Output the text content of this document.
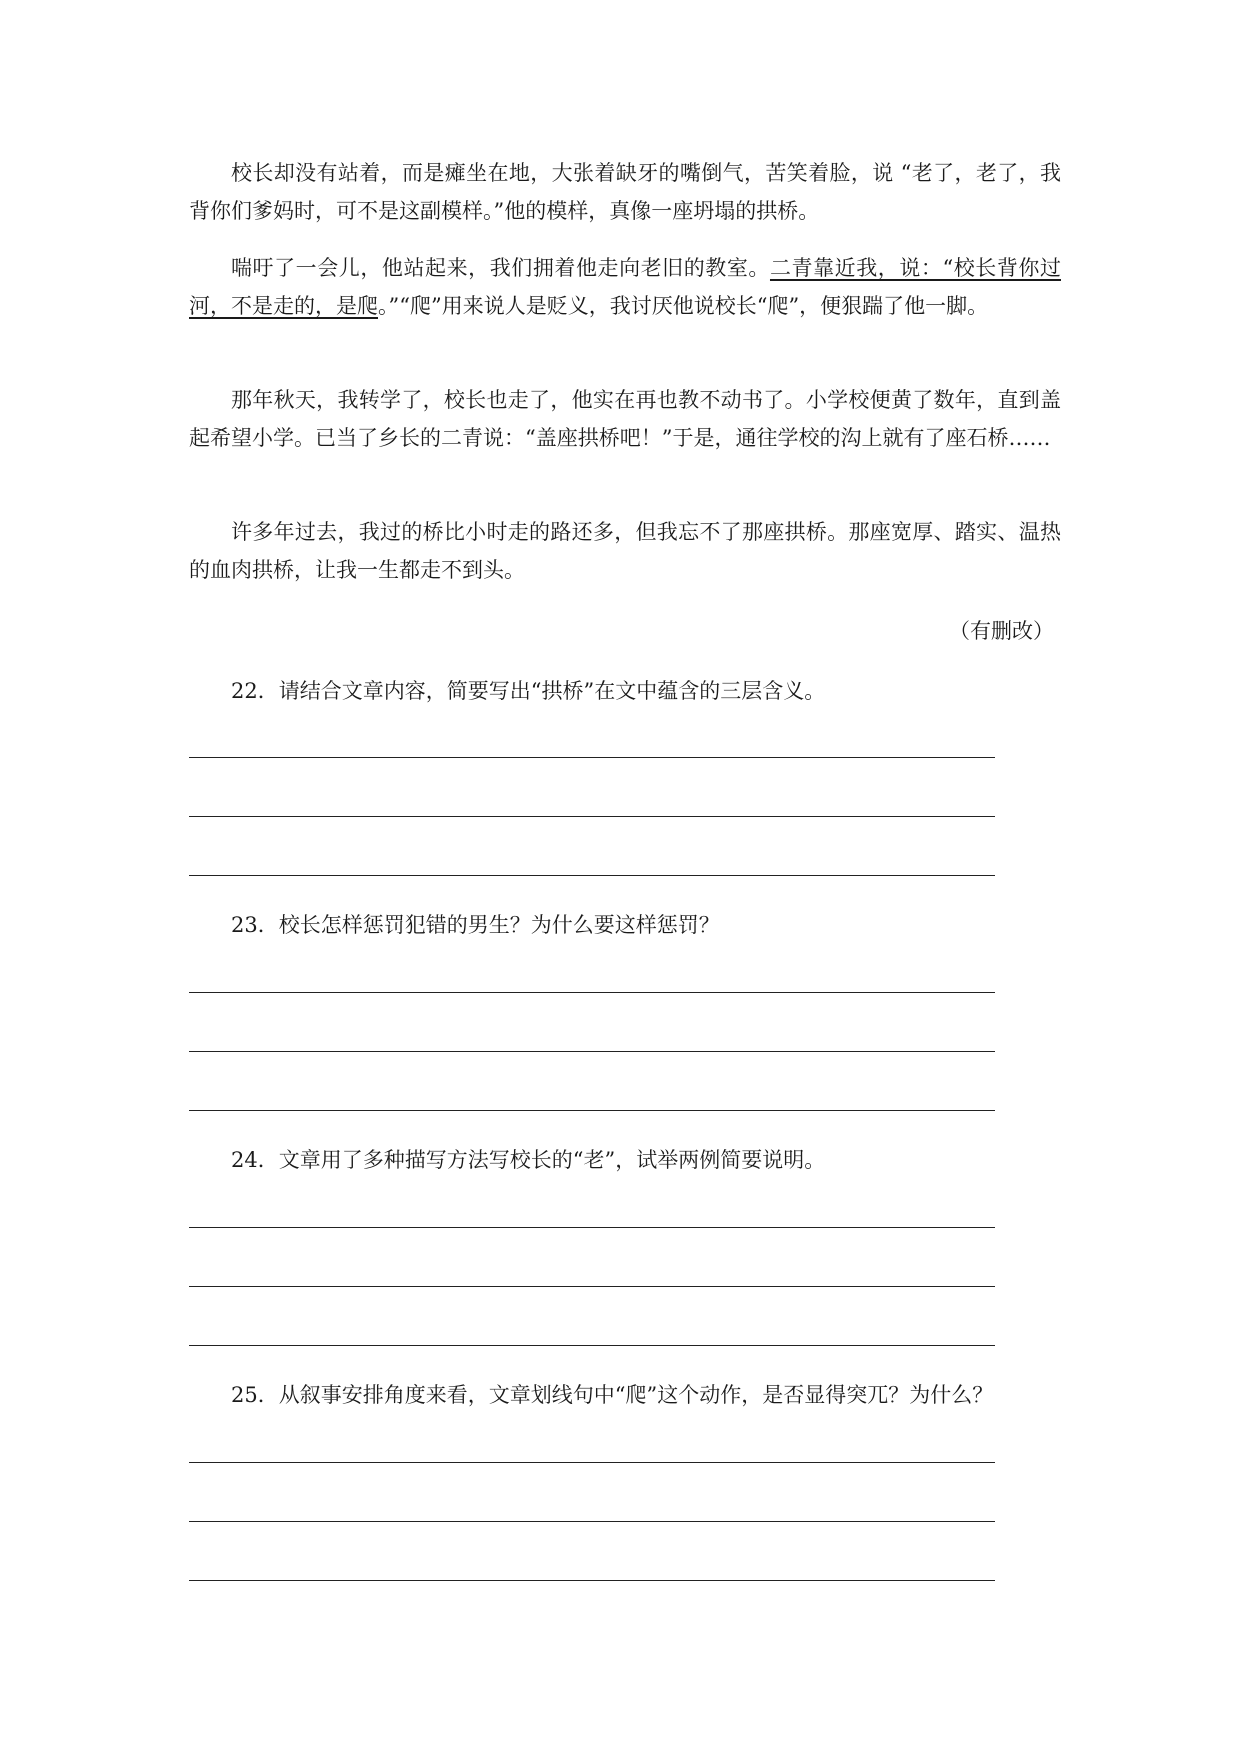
校长却没有站着，而是瘫坐在地，大张着缺牙的嘴倒气，苦笑着脸，说 “老了，老了，我背你们爹妈时，可不是这副模样。”他的模样，真像一座坍塌的拱桥。

喘吁了一会儿，他站起来，我们拥着他走向老旧的教室。二青靠近我，说：“校长背你过河，不是走的，是爬。”“爬”用来说人是贬义，我讨厌他说校长“爬”，便狠踹了他一脚。

那年秋天，我转学了，校长也走了，他实在再也教不动书了。小学校便黄了数年，直到盖起希望小学。已当了乡长的二青说：“盖座拱桥吧！”于是，通往学校的沟上就有了座石桥……

许多年过去，我过的桥比小时走的路还多，但我忘不了那座拱桥。那座宽厚、踏实、温热的血肉拱桥，让我一生都走不到头。

（有删改）
22．请结合文章内容，简要写出“拱桥”在文中蕴含的三层含义。
23．校长怎样惩罚犯错的男生？为什么要这样惩罚？
24．文章用了多种描写方法写校长的“老”，试举两例简要说明。
25．从叙事安排角度来看，文章划线句中“爬”这个动作，是否显得突兀？为什么？
